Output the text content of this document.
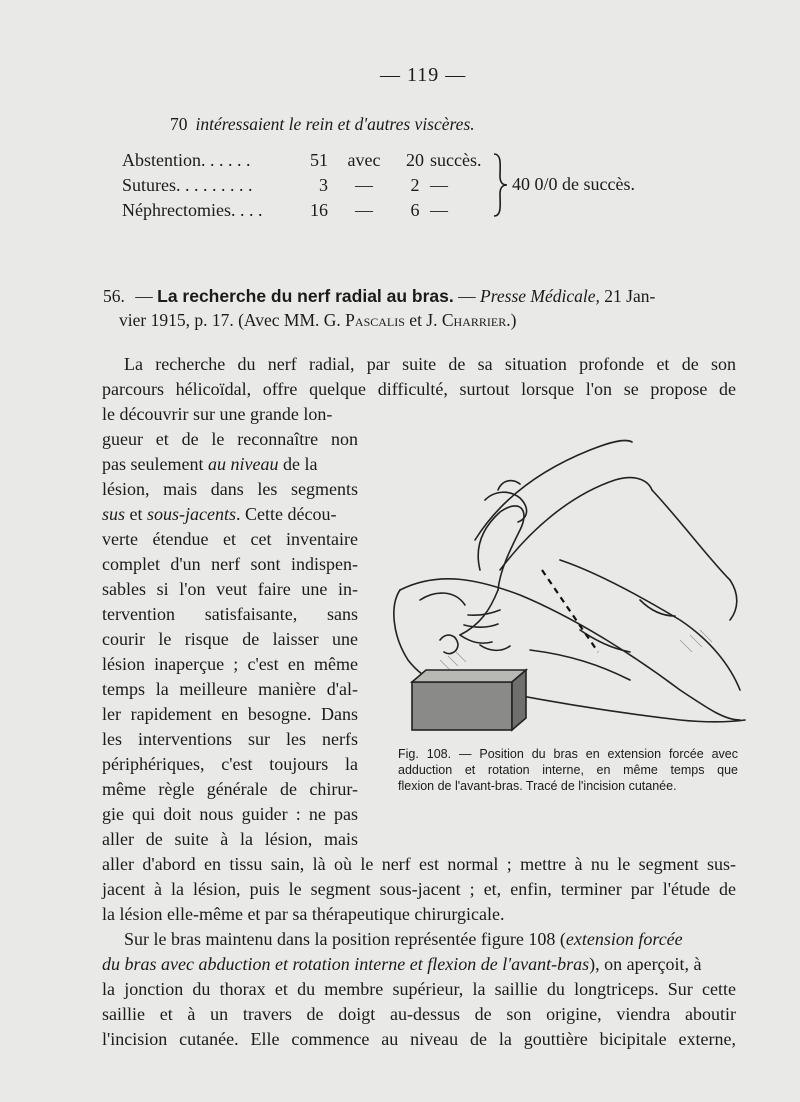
— 119 —
70 intéressaient le rein et d'autres viscères.
Abstention. . . . . .	51	avec	20	succès.
Sutures. . . . . . . . .	3	—	2	—
Néphrectomies. . . .	16	—	6	—
40 0/0 de succès.
56. — La recherche du nerf radial au bras. — Presse Médicale, 21 Jan-
vier 1915, p. 17. (Avec MM. G. Pascalis et J. Charrier.)
La recherche du nerf radial, par suite de sa situation profonde et de son
parcours hélicoïdal, offre quelque difficulté, surtout lorsque l'on se propose de
le découvrir sur une grande lon-
gueur et de le reconnaître non
pas seulement au niveau de la
lésion, mais dans les segments
sus et sous-jacents. Cette décou-
verte étendue et cet inventaire
complet d'un nerf sont indispen-
sables si l'on veut faire une in-
tervention satisfaisante, sans
courir le risque de laisser une
lésion inaperçue ; c'est en même
temps la meilleure manière d'al-
ler rapidement en besogne. Dans
les interventions sur les nerfs
périphériques, c'est toujours la
même règle générale de chirur-
gie qui doit nous guider : ne pas
aller de suite à la lésion, mais
aller d'abord en tissu sain, là où le nerf est normal ; mettre à nu le segment sus-
jacent à la lésion, puis le segment sous-jacent ; et, enfin, terminer par l'étude de
la lésion elle-même et par sa thérapeutique chirurgicale.
Fig. 108. — Position du bras en extension forcée avec
adduction et rotation interne, en même temps que
flexion de l'avant-bras. Tracé de l'incision cutanée.
Sur le bras maintenu dans la position représentée figure 108 (extension forcée
du bras avec abduction et rotation interne et flexion de l'avant-bras), on aperçoit, à
la jonction du thorax et du membre supérieur, la saillie du longtriceps. Sur cette
saillie et à un travers de doigt au-dessus de son origine, viendra aboutir
l'incision cutanée. Elle commence au niveau de la gouttière bicipitale externe,
